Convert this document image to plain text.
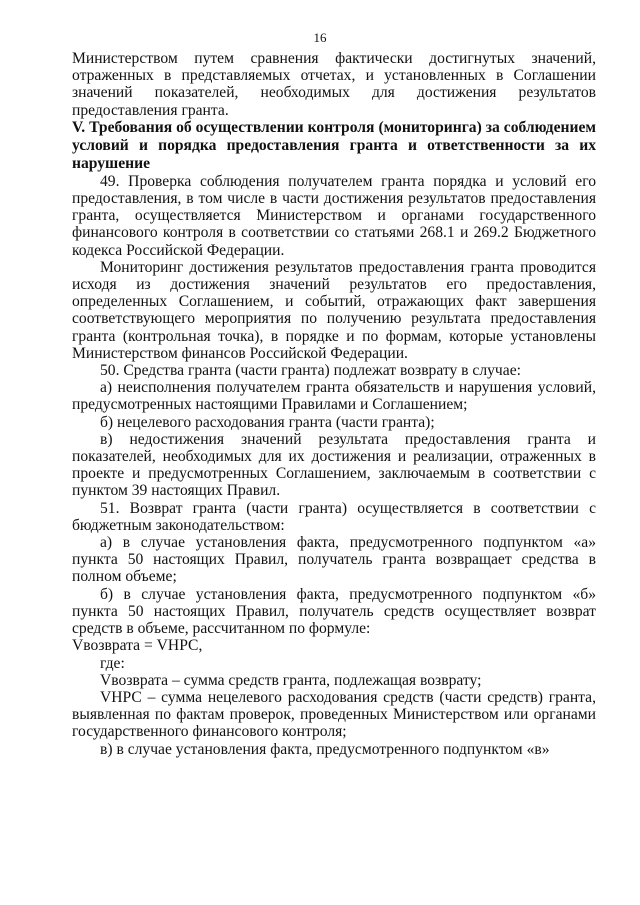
16

Министерством путем сравнения фактически достигнутых значений, отраженных в представляемых отчетах, и установленных в Соглашении значений показателей, необходимых для достижения результатов предоставления гранта.

V. Требования об осуществлении контроля (мониторинга) за соблюдением условий и порядка предоставления гранта и ответственности за их нарушение

49. Проверка соблюдения получателем гранта порядка и условий его предоставления, в том числе в части достижения результатов предоставления гранта, осуществляется Министерством и органами государственного финансового контроля в соответствии со статьями 268.1 и 269.2 Бюджетного кодекса Российской Федерации.

Мониторинг достижения результатов предоставления гранта проводится исходя из достижения значений результатов его предоставления, определенных Соглашением, и событий, отражающих факт завершения соответствующего мероприятия по получению результата предоставления гранта (контрольная точка), в порядке и по формам, которые установлены Министерством финансов Российской Федерации.

50. Средства гранта (части гранта) подлежат возврату в случае:

а) неисполнения получателем гранта обязательств и нарушения условий, предусмотренных настоящими Правилами и Соглашением;

б) нецелевого расходования гранта (части гранта);

в) недостижения значений результата предоставления гранта и показателей, необходимых для их достижения и реализации, отраженных в проекте и предусмотренных Соглашением, заключаемым в соответствии с пунктом 39 настоящих Правил.

51. Возврат гранта (части гранта) осуществляется в соответствии с бюджетным законодательством:

а) в случае установления факта, предусмотренного подпунктом «а» пункта 50 настоящих Правил, получатель гранта возвращает средства в полном объеме;

б) в случае установления факта, предусмотренного подпунктом «б» пункта 50 настоящих Правил, получатель средств осуществляет возврат средств в объеме, рассчитанном по формуле:

Vвозврата = VНРС,

где:

Vвозврата – сумма средств гранта, подлежащая возврату;

VНРС – сумма нецелевого расходования средств (части средств) гранта, выявленная по фактам проверок, проведенных Министерством или органами государственного финансового контроля;

в) в случае установления факта, предусмотренного подпунктом «в»
